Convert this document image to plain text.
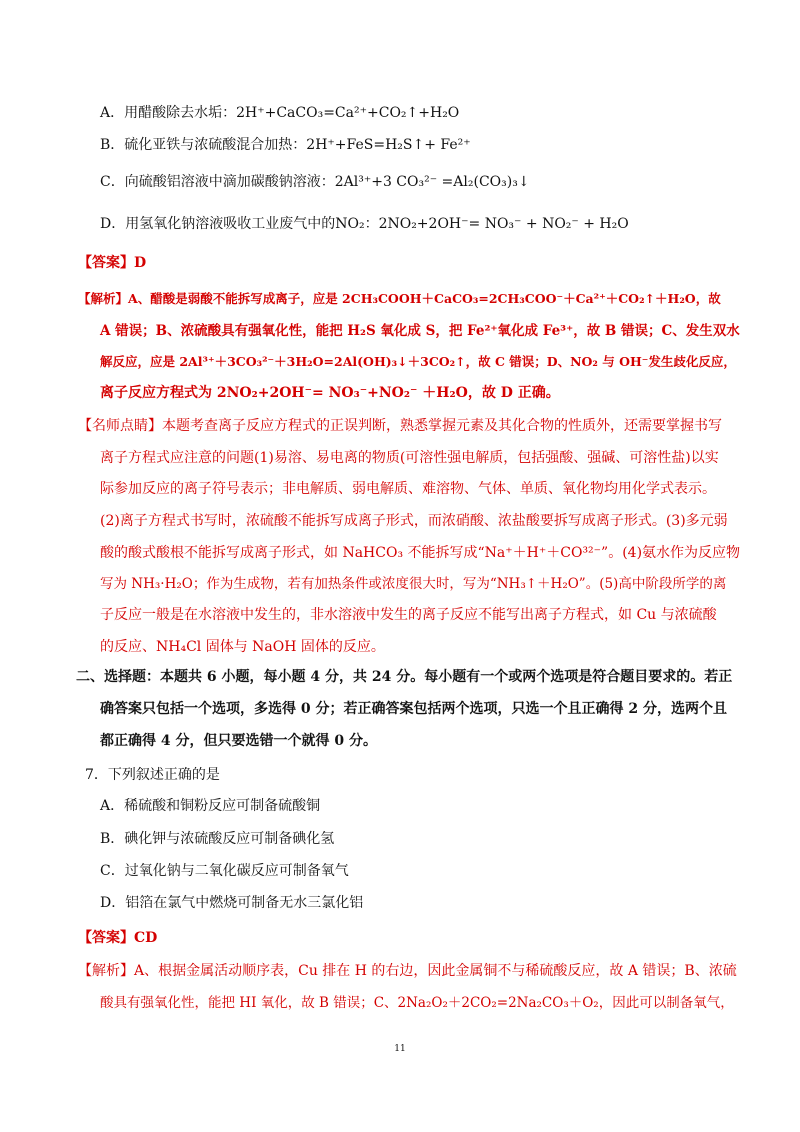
A．用醋酸除去水垢：2H⁺+CaCO₃=Ca²⁺+CO₂↑+H₂O
B．硫化亚铁与浓硫酸混合加热：2H⁺+FeS=H₂S↑+ Fe²⁺
C．向硫酸铝溶液中滴加碳酸钠溶液：2Al³⁺+3 CO₃²⁻ =Al₂(CO₃)₃↓
D．用氢氧化钠溶液吸收工业废气中的NO₂：2NO₂+2OH⁻= NO₃⁻ + NO₂⁻ + H₂O
【答案】D
【解析】A、醋酸是弱酸不能拆写成离子，应是 2CH₃COOH＋CaCO₃=2CH₃COO⁻＋Ca²⁺＋CO₂↑＋H₂O，故
A 错误；B、浓硫酸具有强氧化性，能把 H₂S 氧化成 S，把 Fe²⁺氧化成 Fe³⁺，故 B 错误；C、发生双水
解反应，应是 2Al³⁺＋3CO₃²⁻＋3H₂O=2Al(OH)₃↓＋3CO₂↑，故 C 错误；D、NO₂ 与 OH⁻发生歧化反应，
离子反应方程式为 2NO₂+2OH⁻= NO₃⁻+NO₂⁻ ＋H₂O，故 D 正确。
【名师点睛】本题考查离子反应方程式的正误判断，熟悉掌握元素及其化合物的性质外，还需要掌握书写
离子方程式应注意的问题(1)易溶、易电离的物质(可溶性强电解质，包括强酸、强碱、可溶性盐)以实
际参加反应的离子符号表示；非电解质、弱电解质、难溶物、气体、单质、氧化物均用化学式表示。
(2)离子方程式书写时，浓硫酸不能拆写成离子形式，而浓硝酸、浓盐酸要拆写成离子形式。(3)多元弱
酸的酸式酸根不能拆写成离子形式，如 NaHCO₃ 不能拆写成“Na⁺＋H⁺＋CO³²⁻”。(4)氨水作为反应物
写为 NH₃·H₂O；作为生成物，若有加热条件或浓度很大时，写为“NH₃↑＋H₂O”。(5)高中阶段所学的离
子反应一般是在水溶液中发生的，非水溶液中发生的离子反应不能写出离子方程式，如 Cu 与浓硫酸
的反应、NH₄Cl 固体与 NaOH 固体的反应。
二、选择题：本题共 6 小题，每小题 4 分，共 24 分。每小题有一个或两个选项是符合题目要求的。若正
确答案只包括一个选项，多选得 0 分；若正确答案包括两个选项，只选一个且正确得 2 分，选两个且
都正确得 4 分，但只要选错一个就得 0 分。
7．下列叙述正确的是
A．稀硫酸和铜粉反应可制备硫酸铜
B．碘化钾与浓硫酸反应可制备碘化氢
C．过氧化钠与二氧化碳反应可制备氧气
D．铝箔在氯气中燃烧可制备无水三氯化铝
【答案】CD
【解析】A、根据金属活动顺序表，Cu 排在 H 的右边，因此金属铜不与稀硫酸反应，故 A 错误；B、浓硫
酸具有强氧化性，能把 HI 氧化，故 B 错误；C、2Na₂O₂＋2CO₂=2Na₂CO₃＋O₂，因此可以制备氧气，
11
